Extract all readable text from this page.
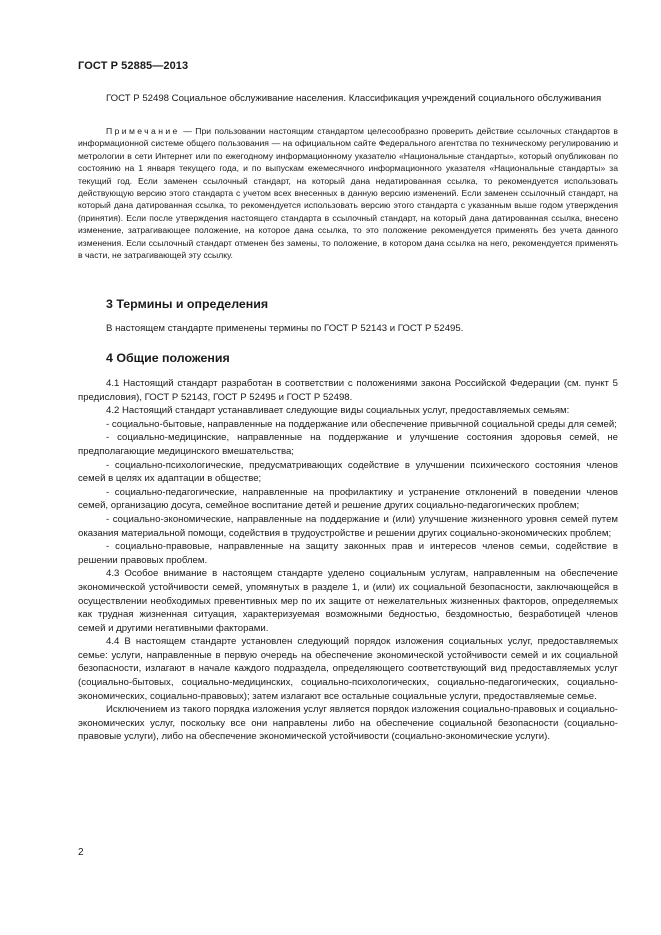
ГОСТ Р 52885—2013

ГОСТ Р 52498 Социальное обслуживание населения. Классификация учреждений социального обслуживания

Примечание — При пользовании настоящим стандартом целесообразно проверить действие ссылочных стандартов в информационной системе общего пользования — на официальном сайте Федерального агентства по техническому регулированию и метрологии в сети Интернет или по ежегодному информационному указателю «Национальные стандарты», который опубликован по состоянию на 1 января текущего года, и по выпускам ежемесячного информационного указателя «Национальные стандарты» за текущий год. Если заменен ссылочный стандарт, на который дана недатированная ссылка, то рекомендуется использовать действующую версию этого стандарта с учетом всех внесенных в данную версию изменений. Если заменен ссылочный стандарт, на который дана датированная ссылка, то рекомендуется использовать версию этого стандарта с указанным выше годом утверждения (принятия). Если после утверждения настоящего стандарта в ссылочный стандарт, на который дана датированная ссылка, внесено изменение, затрагивающее положение, на которое дана ссылка, то это положение рекомендуется применять без учета данного изменения. Если ссылочный стандарт отменен без замены, то положение, в котором дана ссылка на него, рекомендуется применять в части, не затрагивающей эту ссылку.

3 Термины и определения

В настоящем стандарте применены термины по ГОСТ Р 52143 и ГОСТ Р 52495.

4 Общие положения

4.1 Настоящий стандарт разработан в соответствии с положениями закона Российской Федерации (см. пункт 5 предисловия), ГОСТ Р 52143, ГОСТ Р 52495 и ГОСТ Р 52498.

4.2 Настоящий стандарт устанавливает следующие виды социальных услуг, предоставляемых семьям:

- социально-бытовые, направленные на поддержание или обеспечение привычной социальной среды для семей;

- социально-медицинские, направленные на поддержание и улучшение состояния здоровья семей, не предполагающие медицинского вмешательства;

- социально-психологические, предусматривающих содействие в улучшении психического состояния членов семей в целях их адаптации в обществе;

- социально-педагогические, направленные на профилактику и устранение отклонений в поведении членов семей, организацию досуга, семейное воспитание детей и решение других социально-педагогических проблем;

- социально-экономические, направленные на поддержание и (или) улучшение жизненного уровня семей путем оказания материальной помощи, содействия в трудоустройстве и решении других социально-экономических проблем;

- социально-правовые, направленные на защиту законных прав и интересов членов семьи, содействие в решении правовых проблем.

4.3 Особое внимание в настоящем стандарте уделено социальным услугам, направленным на обеспечение экономической устойчивости семей, упомянутых в разделе 1, и (или) их социальной безопасности, заключающейся в осуществлении необходимых превентивных мер по их защите от нежелательных жизненных факторов, определяемых как трудная жизненная ситуация, характеризуемая возможными бедностью, бездомностью, безработицей членов семей и другими негативными факторами.

4.4 В настоящем стандарте установлен следующий порядок изложения социальных услуг, предоставляемых семье: услуги, направленные в первую очередь на обеспечение экономической устойчивости семей и их социальной безопасности, излагают в начале каждого подраздела, определяющего соответствующий вид предоставляемых услуг (социально-бытовых, социально-медицинских, социально-психологических, социально-педагогических, социально-экономических, социально-правовых); затем излагают все остальные социальные услуги, предоставляемые семье.

Исключением из такого порядка изложения услуг является порядок изложения социально-правовых и социально-экономических услуг, поскольку все они направлены либо на обеспечение социальной безопасности (социально-правовые услуги), либо на обеспечение экономической устойчивости (социально-экономические услуги).

2
